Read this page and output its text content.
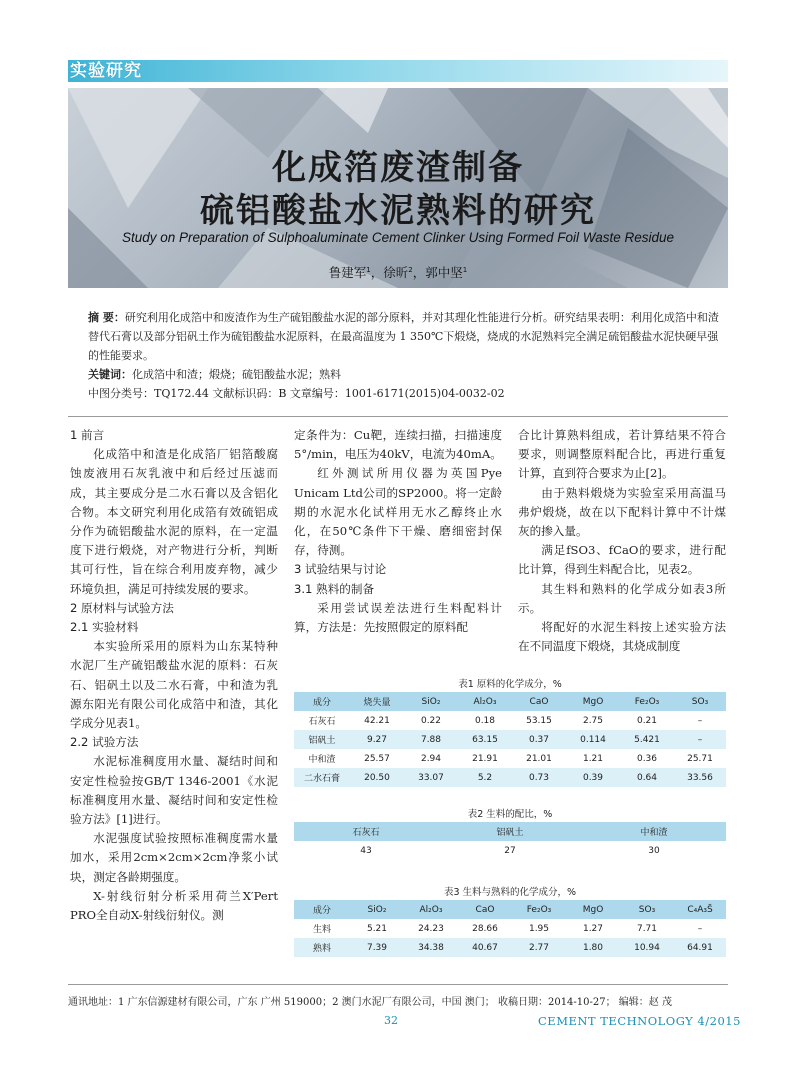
实验研究
化成箔废渣制备
硫铝酸盐水泥熟料的研究
Study on Preparation of Sulphoaluminate Cement Clinker Using Formed Foil Waste Residue
鲁建军$^1$，徐昕$^2$，郭中坚$^1$

摘 要：研究利用化成箔中和废渣作为生产硫铝酸盐水泥的部分原料，并对其理化性能进行分析。研究结果表明：利用化成箔中和渣替代石膏以及部分铝矾土作为硫铝酸盐水泥原料，在最高温度为 1 350℃下煅烧，烧成的水泥熟料完全满足硫铝酸盐水泥快硬早强的性能要求。

关键词：化成箔中和渣；煅烧；硫铝酸盐水泥；熟料

中图分类号：TQ172.44 文献标识码：B 文章编号：1001-6171(2015)04-0032-02

1 前言

化成箔中和渣是化成箔厂铝箔酸腐蚀废液用石灰乳液中和后经过压滤而成，其主要成分是二水石膏以及含铝化合物。本文研究利用化成箔有效硫铝成分作为硫铝酸盐水泥的原料，在一定温度下进行煅烧，对产物进行分析，判断其可行性，旨在综合利用废弃物，减少环境负担，满足可持续发展的要求。

2 原材料与试验方法

2.1 实验材料

本实验所采用的原料为山东某特种水泥厂生产硫铝酸盐水泥的原料：石灰石、铝矾土以及二水石膏，中和渣为乳源东阳光有限公司化成箔中和渣，其化学成分见表1。

2.2 试验方法

水泥标准稠度用水量、凝结时间和安定性检验按GB/T 1346-2001《水泥标准稠度用水量、凝结时间和安定性检验方法》[1]进行。

水泥强度试验按照标准稠度需水量加水，采用2cm×2cm×2cm净浆小试块，测定各龄期强度。

X-射线衍射分析采用荷兰X′Pert PRO全自动X-射线衍射仪。测

定条件为：Cu靶，连续扫描，扫描速度5°/min，电压为40kV，电流为40mA。

红外测试所用仪器为英国Pye Unicam Ltd公司的SP2000。将一定龄期的水泥水化试样用无水乙醇终止水化，在50℃条件下干燥、磨细密封保存，待测。

3 试验结果与讨论

3.1 熟料的制备

采用尝试误差法进行生料配料计算，方法是：先按照假定的原料配

合比计算熟料组成，若计算结果不符合要求，则调整原料配合比，再进行重复计算，直到符合要求为止[2]。

由于熟料煅烧为实验室采用高温马弗炉煅烧，故在以下配料计算中不计煤灰的掺入量。

满足fSO3、fCaO的要求，进行配比计算，得到生料配合比，见表2。

其生料和熟料的化学成分如表3所示。

将配好的水泥生料按上述实验方法在不同温度下煅烧，其烧成制度

表1 原料的化学成分，%
成分	烧失量	SiO₂	Al₂O₃	CaO	MgO	Fe₂O₃	SO₃
石灰石	42.21	0.22	0.18	53.15	2.75	0.21	–
铝矾土	9.27	7.88	63.15	0.37	0.114	5.421	–
中和渣	25.57	2.94	21.91	21.01	1.21	0.36	25.71
二水石膏	20.50	33.07	5.2	0.73	0.39	0.64	33.56
表2 生料的配比，%
石灰石	铝矾土	中和渣
43	27	30
表3 生料与熟料的化学成分，%
成分	SiO₂	Al₂O₃	CaO	Fe₂O₃	MgO	SO₃	C₄A₃S̄
生料	5.21	24.23	28.66	1.95	1.27	7.71	–
熟料	7.39	34.38	40.67	2.77	1.80	10.94	64.91
通讯地址：1 广东信源建材有限公司，广东 广州 519000；2 澳门水泥厂有限公司，中国 澳门； 收稿日期：2014-10-27； 编辑：赵 茂
32	CEMENT TECHNOLOGY 4/2015
